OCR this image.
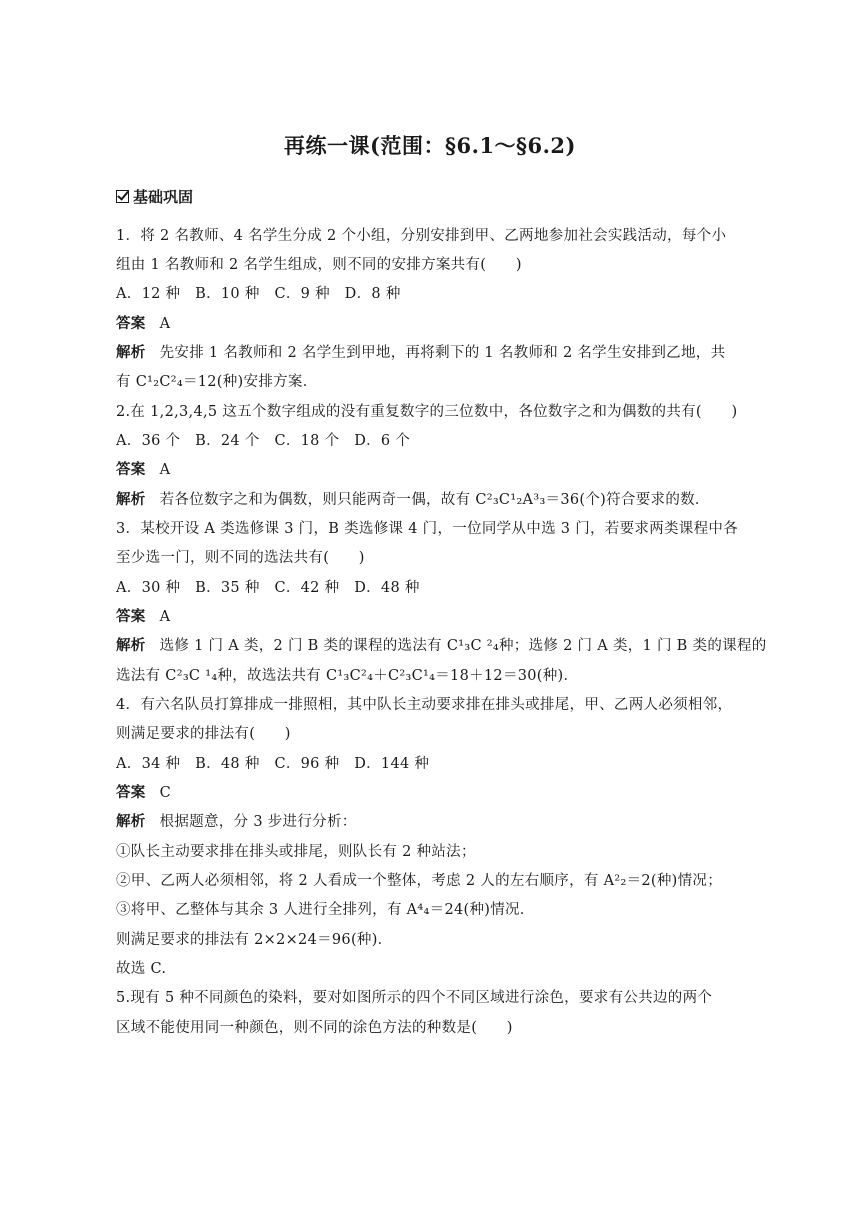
再练一课(范围：§6.1～§6.2)
基础巩固
1．将 2 名教师、4 名学生分成 2 个小组，分别安排到甲、乙两地参加社会实践活动，每个小
组由 1 名教师和 2 名学生组成，则不同的安排方案共有(　　)
A．12 种　B．10 种　C．9 种　D．8 种
答案 A
解析 先安排 1 名教师和 2 名学生到甲地，再将剩下的 1 名教师和 2 名学生安排到乙地，共
有 C¹₂C²₄＝12(种)安排方案．
2.在 1,2,3,4,5 这五个数字组成的没有重复数字的三位数中，各位数字之和为偶数的共有(　　)
A．36 个　B．24 个　C．18 个　D．6 个
答案 A
解析 若各位数字之和为偶数，则只能两奇一偶，故有 C²₃C¹₂A³₃＝36(个)符合要求的数．
3．某校开设 A 类选修课 3 门，B 类选修课 4 门，一位同学从中选 3 门，若要求两类课程中各
至少选一门，则不同的选法共有(　　)
A．30 种　B．35 种　C．42 种　D．48 种
答案 A
解析 选修 1 门 A 类，2 门 B 类的课程的选法有 C¹₃C ²₄种；选修 2 门 A 类，1 门 B 类的课程的
选法有 C²₃C ¹₄种，故选法共有 C¹₃C²₄＋C²₃C¹₄＝18＋12＝30(种)．
4．有六名队员打算排成一排照相，其中队长主动要求排在排头或排尾，甲、乙两人必须相邻，
则满足要求的排法有(　　)
A．34 种　B．48 种　C．96 种　D．144 种
答案 C
解析 根据题意，分 3 步进行分析：
①队长主动要求排在排头或排尾，则队长有 2 种站法；
②甲、乙两人必须相邻，将 2 人看成一个整体，考虑 2 人的左右顺序，有 A²₂＝2(种)情况；
③将甲、乙整体与其余 3 人进行全排列，有 A⁴₄＝24(种)情况．
则满足要求的排法有 2×2×24＝96(种)．
故选 C.
5.现有 5 种不同颜色的染料，要对如图所示的四个不同区域进行涂色，要求有公共边的两个
区域不能使用同一种颜色，则不同的涂色方法的种数是(　　)
